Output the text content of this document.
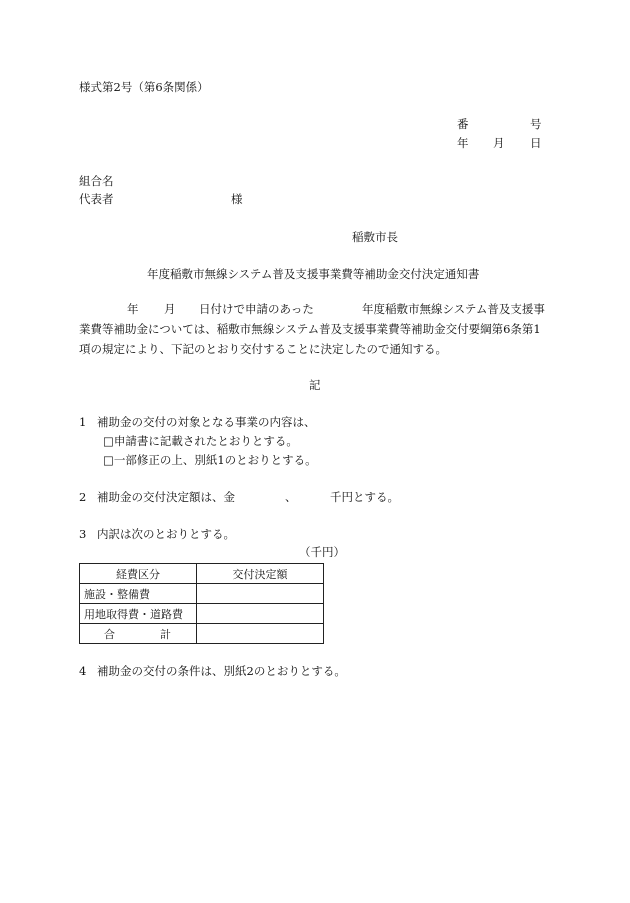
様式第2号（第6条関係）
番	号
年 月 日
組合名
代表者	様
稲敷市長
年度稲敷市無線システム普及支援事業費等補助金交付決定通知書
年 月 日付けで申請のあった	年度稲敷市無線システム普及支援事
業費等補助金については、稲敷市無線システム普及支援事業費等補助金交付要綱第6条第1
項の規定により、下記のとおり交付することに決定したので通知する。
記
1 補助金の交付の対象となる事業の内容は、
□申請書に記載されたとおりとする。
□一部修正の上、別紙1のとおりとする。
2 補助金の交付決定額は、金	、	千円とする。
3 内訳は次のとおりとする。
（千円）
経費区分	交付決定額
施設・整備費	
用地取得費・道路費	
合 計	
4 補助金の交付の条件は、別紙2のとおりとする。
